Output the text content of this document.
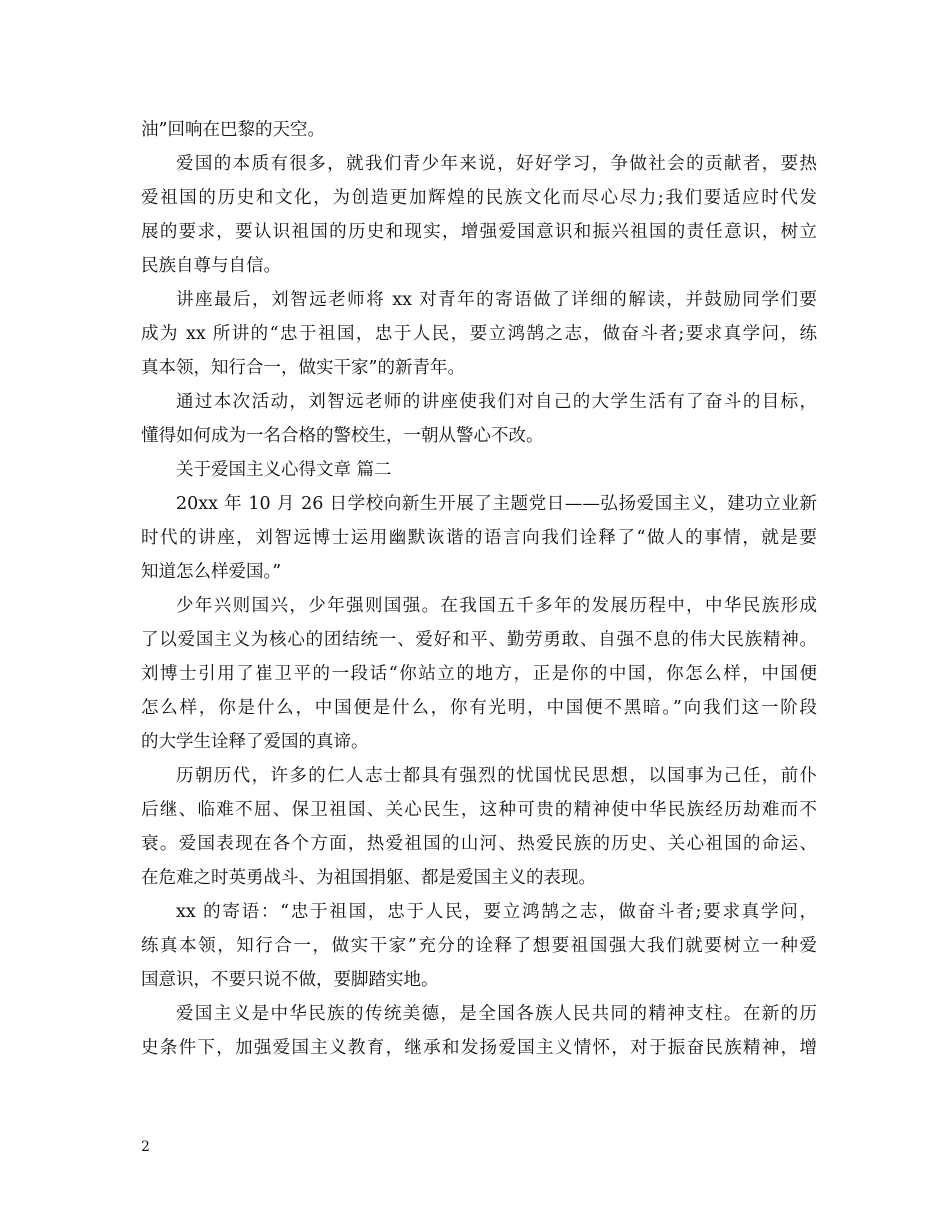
油”回响在巴黎的天空。
爱国的本质有很多，就我们青少年来说，好好学习，争做社会的贡献者，要热
爱祖国的历史和文化，为创造更加辉煌的民族文化而尽心尽力;我们要适应时代发
展的要求，要认识祖国的历史和现实，增强爱国意识和振兴祖国的责任意识，树立
民族自尊与自信。
讲座最后，刘智远老师将 xx 对青年的寄语做了详细的解读，并鼓励同学们要
成为 xx 所讲的“忠于祖国，忠于人民，要立鸿鹄之志，做奋斗者;要求真学问，练
真本领，知行合一，做实干家”的新青年。
通过本次活动，刘智远老师的讲座使我们对自己的大学生活有了奋斗的目标，
懂得如何成为一名合格的警校生，一朝从警心不改。
关于爱国主义心得文章 篇二
20xx 年 10 月 26 日学校向新生开展了主题党日——弘扬爱国主义，建功立业新
时代的讲座，刘智远博士运用幽默诙谐的语言向我们诠释了“做人的事情，就是要
知道怎么样爱国。”
少年兴则国兴，少年强则国强。在我国五千多年的发展历程中，中华民族形成
了以爱国主义为核心的团结统一、爱好和平、勤劳勇敢、自强不息的伟大民族精神。
刘博士引用了崔卫平的一段话“你站立的地方，正是你的中国，你怎么样，中国便
怎么样，你是什么，中国便是什么，你有光明，中国便不黑暗。”向我们这一阶段
的大学生诠释了爱国的真谛。
历朝历代，许多的仁人志士都具有强烈的忧国忧民思想，以国事为己任，前仆
后继、临难不屈、保卫祖国、关心民生，这种可贵的精神使中华民族经历劫难而不
衰。爱国表现在各个方面，热爱祖国的山河、热爱民族的历史、关心祖国的命运、
在危难之时英勇战斗、为祖国捐躯、都是爱国主义的表现。
xx 的寄语：“忠于祖国，忠于人民，要立鸿鹄之志，做奋斗者;要求真学问，
练真本领，知行合一，做实干家”充分的诠释了想要祖国强大我们就要树立一种爱
国意识，不要只说不做，要脚踏实地。
爱国主义是中华民族的传统美德，是全国各族人民共同的精神支柱。在新的历
史条件下，加强爱国主义教育，继承和发扬爱国主义情怀，对于振奋民族精神，增
2
